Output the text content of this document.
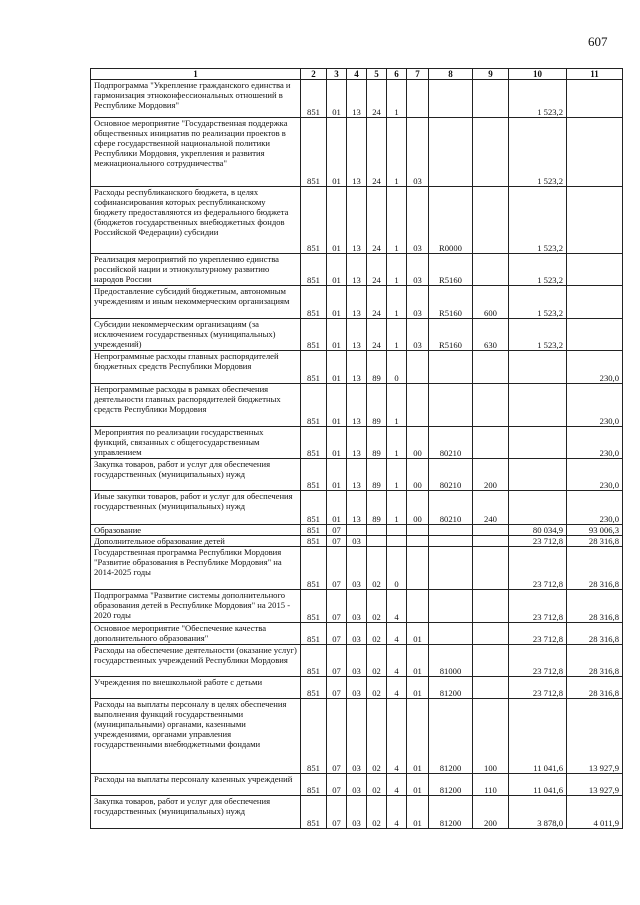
607
1	2	3	4	5	6	7	8	9	10	11
Подпрограмма "Укрепление гражданского единства и гармонизация этноконфессиональных отношений в Республике Мордовия"	851	01	13	24	1				1 523,2	
Основное мероприятие "Государственная поддержка общественных инициатив по реализации проектов в сфере государственной национальной политики Республики Мордовия, укрепления и развития межнационального сотрудничества"	851	01	13	24	1	03			1 523,2	
Расходы республиканского бюджета, в целях софинансирования которых республиканскому бюджету предоставляются из федерального бюджета (бюджетов государственных внебюджетных фондов Российской Федерации) субсидии	851	01	13	24	1	03	R0000		1 523,2	
Реализация мероприятий по укреплению единства российской нации и этнокультурному развитию народов России	851	01	13	24	1	03	R5160		1 523,2	
Предоставление субсидий бюджетным, автономным учреждениям и иным некоммерческим организациям	851	01	13	24	1	03	R5160	600	1 523,2	
Субсидии некоммерческим организациям (за исключением государственных (муниципальных) учреждений)	851	01	13	24	1	03	R5160	630	1 523,2	
Непрограммные расходы главных распорядителей бюджетных средств Республики Мордовия	851	01	13	89	0					230,0
Непрограммные расходы в рамках обеспечения деятельности главных распорядителей бюджетных средств Республики Мордовия	851	01	13	89	1					230,0
Мероприятия по реализации государственных функций, связанных с общегосударственным управлением	851	01	13	89	1	00	80210			230,0
Закупка товаров, работ и услуг для обеспечения государственных (муниципальных) нужд	851	01	13	89	1	00	80210	200		230,0
Иные закупки товаров, работ и услуг для обеспечения государственных (муниципальных) нужд	851	01	13	89	1	00	80210	240		230,0
Образование	851	07							80 034,9	93 006,3
Дополнительное образование детей	851	07	03						23 712,8	28 316,8
Государственная программа Республики Мордовия "Развитие образования в Республике Мордовия" на 2014-2025 годы	851	07	03	02	0				23 712,8	28 316,8
Подпрограмма "Развитие системы дополнительного образования детей в Республике Мордовия" на 2015 - 2020 годы	851	07	03	02	4				23 712,8	28 316,8
Основное мероприятие "Обеспечение качества дополнительного образования"	851	07	03	02	4	01			23 712,8	28 316,8
Расходы на обеспечение деятельности (оказание услуг) государственных учреждений Республики Мордовия	851	07	03	02	4	01	81000		23 712,8	28 316,8
Учреждения по внешкольной работе с детьми	851	07	03	02	4	01	81200		23 712,8	28 316,8
Расходы на выплаты персоналу в целях обеспечения выполнения функций государственными (муниципальными) органами, казенными учреждениями, органами управления государственными внебюджетными фондами	851	07	03	02	4	01	81200	100	11 041,6	13 927,9
Расходы на выплаты персоналу казенных учреждений	851	07	03	02	4	01	81200	110	11 041,6	13 927,9
Закупка товаров, работ и услуг для обеспечения государственных (муниципальных) нужд	851	07	03	02	4	01	81200	200	3 878,0	4 011,9
